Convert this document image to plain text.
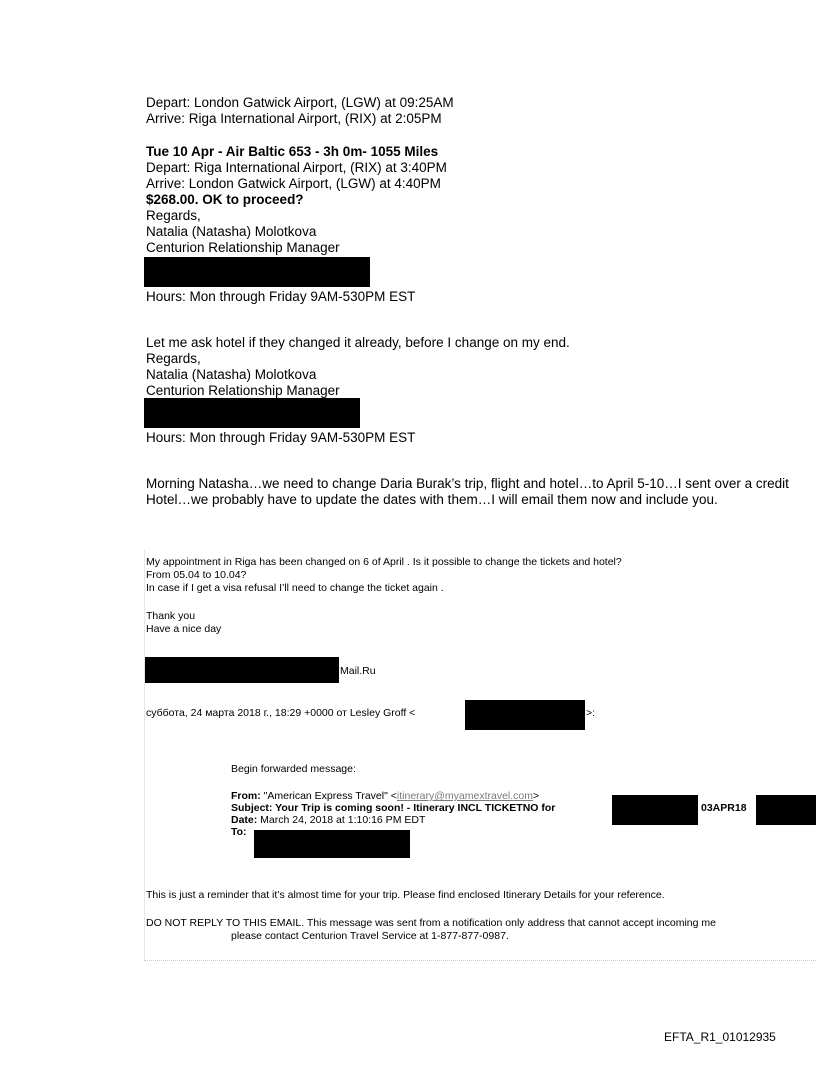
Depart: London Gatwick Airport, (LGW) at 09:25AM

Arrive: Riga International Airport, (RIX) at 2:05PM

Tue 10 Apr - Air Baltic 653 - 3h 0m- 1055 Miles

Depart: Riga International Airport, (RIX) at 3:40PM

Arrive: London Gatwick Airport, (LGW) at 4:40PM

$268.00. OK to proceed?

Regards,

Natalia (Natasha) Molotkova

Centurion Relationship Manager

Hours: Mon through Friday 9AM-530PM EST

Let me ask hotel if they changed it already, before I change on my end.

Regards,

Natalia (Natasha) Molotkova

Centurion Relationship Manager

Hours: Mon through Friday 9AM-530PM EST

Morning Natasha…we need to change Daria Burak’s trip, flight and hotel…to April 5-10…I sent over a credit

Hotel…we probably have to update the dates with them…I will email them now and include you.

My appointment in Riga has been changed on 6 of April . Is it possible to change the tickets and hotel?

From 05.04 to 10.04?

In case if I get a visa refusal I’ll need to change the ticket again .

Thank you

Have a nice day

Mail.Ru

суббота, 24 марта 2018 г., 18:29 +0000 от Lesley Groff <	>:

Begin forwarded message:

From: "American Express Travel" <itinerary@myamextravel.com>

Subject: Your Trip is coming soon! - Itinerary INCL TICKETNO for	03APR18

Date: March 24, 2018 at 1:10:16 PM EDT

To:

This is just a reminder that it’s almost time for your trip. Please find enclosed Itinerary Details for your reference.

DO NOT REPLY TO THIS EMAIL. This message was sent from a notification only address that cannot accept incoming me

please contact Centurion Travel Service at 1-877-877-0987.

EFTA_R1_01012935
